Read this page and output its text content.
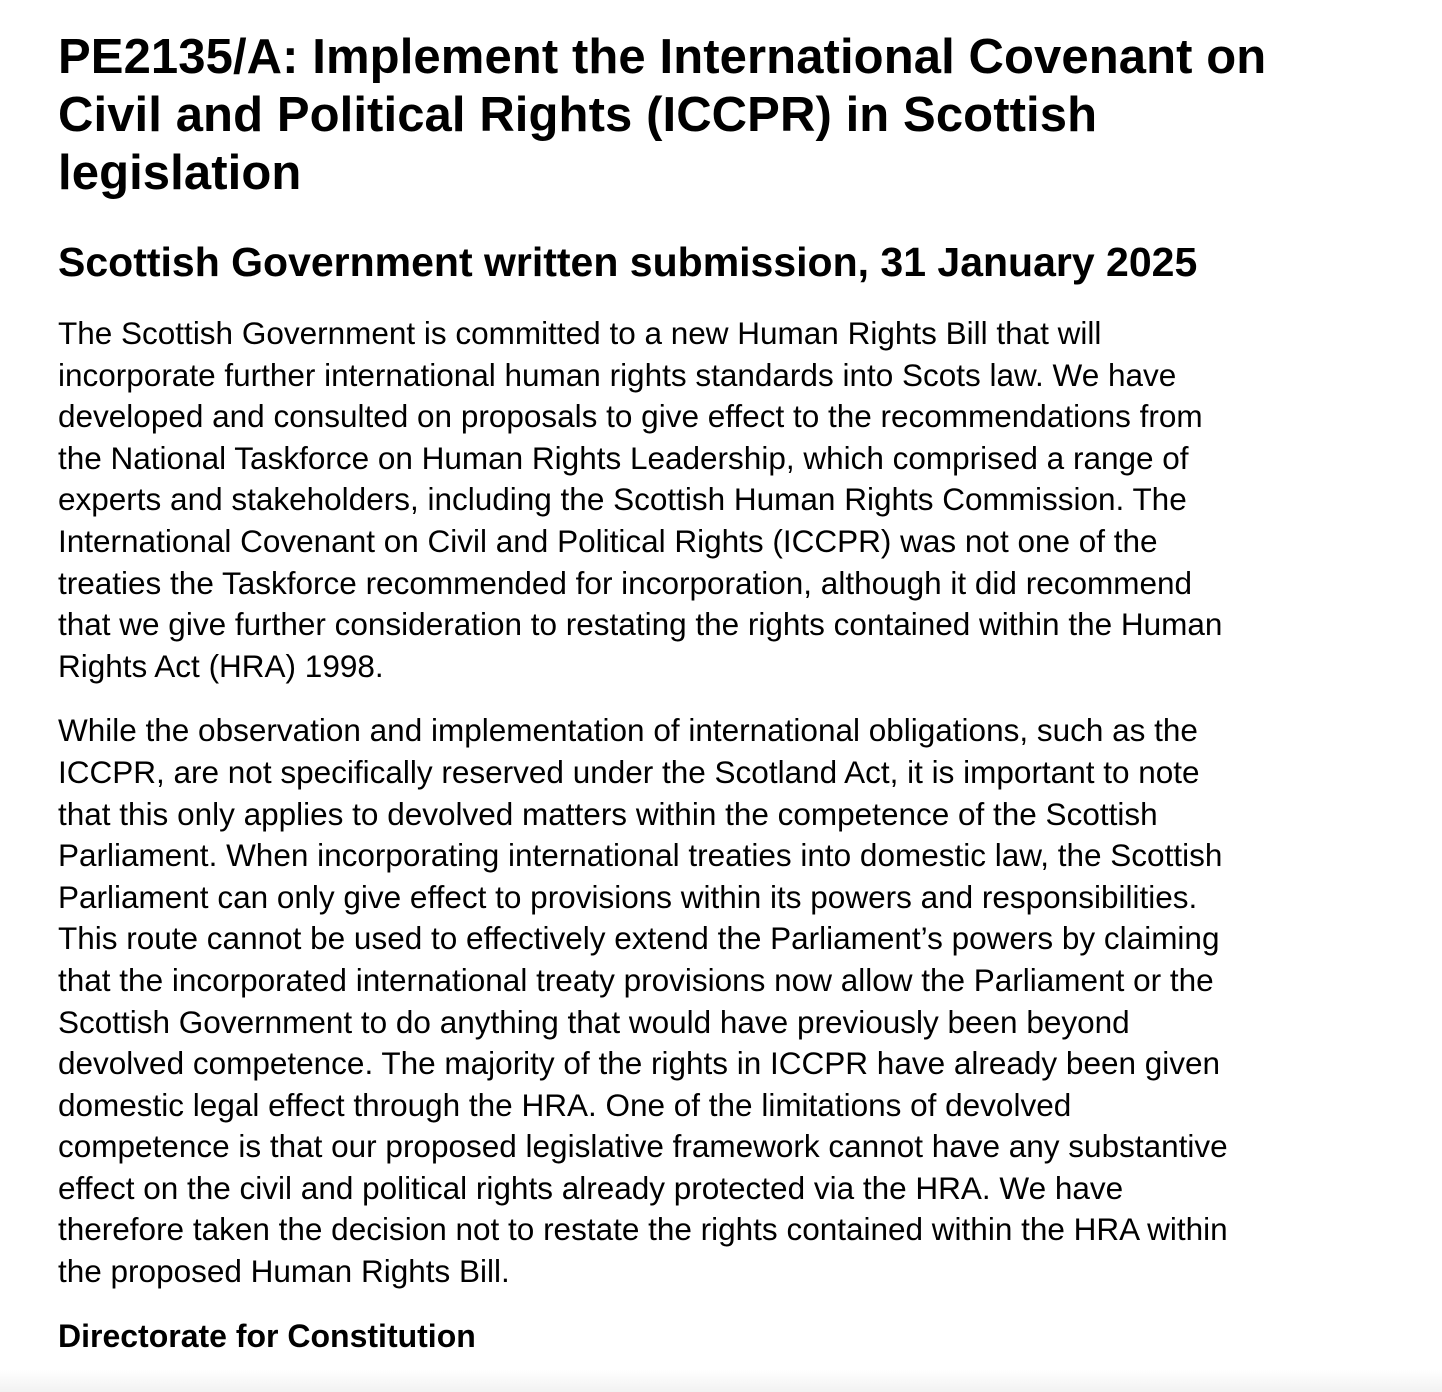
PE2135/A: Implement the International Covenant on
Civil and Political Rights (ICCPR) in Scottish
legislation
Scottish Government written submission, 31 January 2025

The Scottish Government is committed to a new Human Rights Bill that will
incorporate further international human rights standards into Scots law. We have
developed and consulted on proposals to give effect to the recommendations from
the National Taskforce on Human Rights Leadership, which comprised a range of
experts and stakeholders, including the Scottish Human Rights Commission. The
International Covenant on Civil and Political Rights (ICCPR) was not one of the
treaties the Taskforce recommended for incorporation, although it did recommend
that we give further consideration to restating the rights contained within the Human
Rights Act (HRA) 1998.

While the observation and implementation of international obligations, such as the
ICCPR, are not specifically reserved under the Scotland Act, it is important to note
that this only applies to devolved matters within the competence of the Scottish
Parliament. When incorporating international treaties into domestic law, the Scottish
Parliament can only give effect to provisions within its powers and responsibilities.
This route cannot be used to effectively extend the Parliament’s powers by claiming
that the incorporated international treaty provisions now allow the Parliament or the
Scottish Government to do anything that would have previously been beyond
devolved competence. The majority of the rights in ICCPR have already been given
domestic legal effect through the HRA. One of the limitations of devolved
competence is that our proposed legislative framework cannot have any substantive
effect on the civil and political rights already protected via the HRA. We have
therefore taken the decision not to restate the rights contained within the HRA within
the proposed Human Rights Bill.

Directorate for Constitution
